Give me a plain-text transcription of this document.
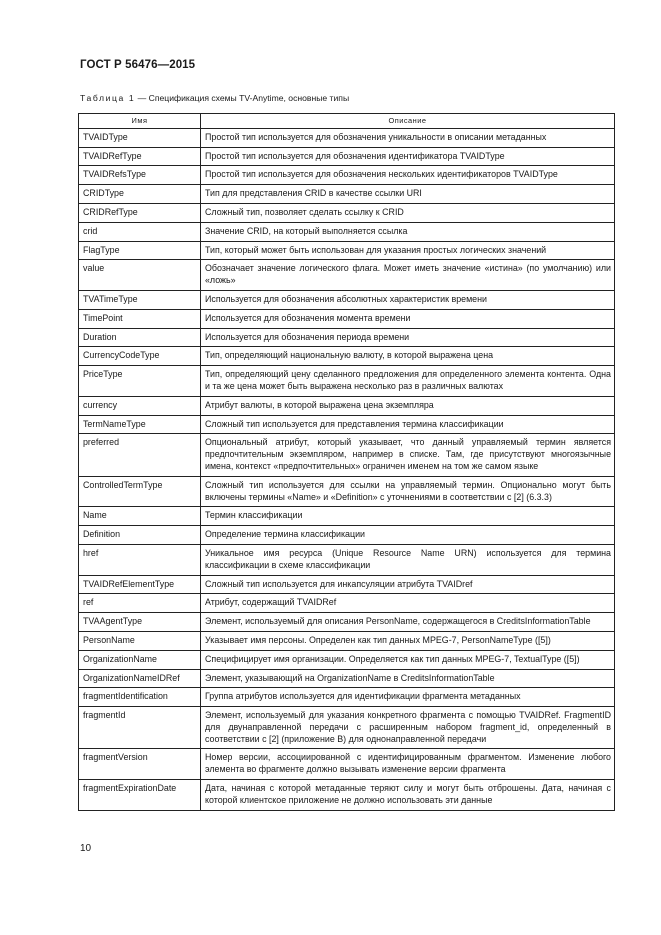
ГОСТ Р 56476—2015
Таблица 1 — Спецификация схемы TV-Anytime, основные типы
Имя	Описание
TVAIDType	Простой тип используется для обозначения уникальности в описании метаданных
TVAIDRefType	Простой тип используется для обозначения идентификатора TVAIDType
TVAIDRefsType	Простой тип используется для обозначения нескольких идентификаторов TVAIDType
CRIDType	Тип для представления CRID в качестве ссылки URI
CRIDRefType	Сложный тип, позволяет сделать ссылку к CRID
crid	Значение CRID, на который выполняется ссылка
FlagType	Тип, который может быть использован для указания простых логических значений
value	Обозначает значение логического флага. Может иметь значение «истина» (по умолчанию) или «ложь»
TVATimeType	Используется для обозначения абсолютных характеристик времени
TimePoint	Используется для обозначения момента времени
Duration	Используется для обозначения периода времени
CurrencyCodeType	Тип, определяющий национальную валюту, в которой выражена цена
PriceType	Тип, определяющий цену сделанного предложения для определенного элемента контента. Одна и та же цена может быть выражена несколько раз в различных валютах
currency	Атрибут валюты, в которой выражена цена экземпляра
TermNameType	Сложный тип используется для представления термина классификации
preferred	Опциональный атрибут, который указывает, что данный управляемый термин является предпочтительным экземпляром, например в списке. Там, где присутствуют многоязычные имена, контекст «предпочтительных» ограничен именем на том же самом языке
ControlledTermType	Сложный тип используется для ссылки на управляемый термин. Опционально могут быть включены термины «Name» и «Definition» с уточнениями в соответствии с [2] (6.3.3)
Name	Термин классификации
Definition	Определение термина классификации
href	Уникальное имя ресурса (Unique Resource Name URN) используется для термина классификации в схеме классификации
TVAIDRefElementType	Сложный тип используется для инкапсуляции атрибута TVAIDref
ref	Атрибут, содержащий TVAIDRef
TVAAgentType	Элемент, используемый для описания PersonName, содержащегося в CreditsInformationTable
PersonName	Указывает имя персоны. Определен как тип данных MPEG-7, PersonNameType ([5])
OrganizationName	Специфицирует имя организации. Определяется как тип данных MPEG-7, TextualType ([5])
OrganizationNameIDRef	Элемент, указывающий на OrganizationName в CreditsInformationTable
fragmentIdentification	Группа атрибутов используется для идентификации фрагмента метаданных
fragmentId	Элемент, используемый для указания конкретного фрагмента с помощью TVAIDRef. FragmentID для двунаправленной передачи с расширенным набором fragment_id, определенный в соответствии с [2] (приложение В) для однонаправленной передачи
fragmentVersion	Номер версии, ассоциированной с идентифицированным фрагментом. Изменение любого элемента во фрагменте должно вызывать изменение версии фрагмента
fragmentExpirationDate	Дата, начиная с которой метаданные теряют силу и могут быть отброшены. Дата, начиная с которой клиентское приложение не должно использовать эти данные
10
